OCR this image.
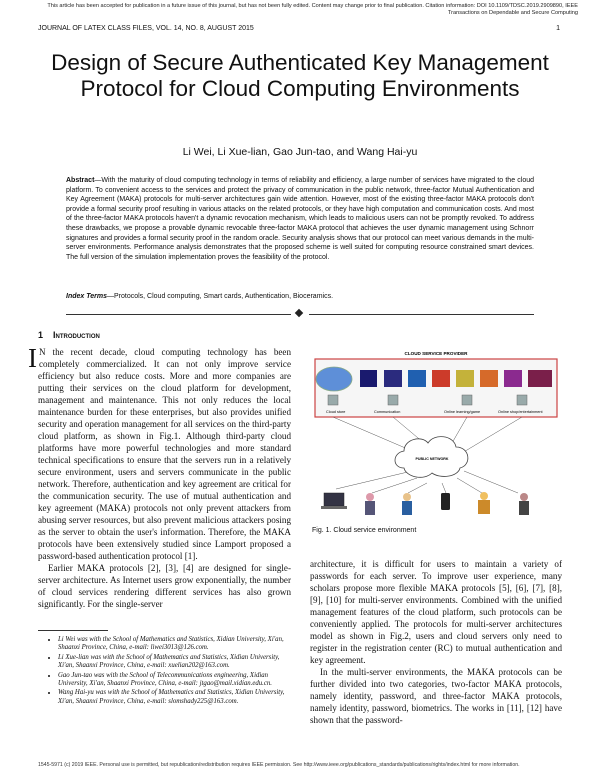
This article has been accepted for publication in a future issue of this journal, but has not been fully edited. Content may change prior to final publication. Citation information: DOI 10.1109/TDSC.2019.2909890, IEEE Transactions on Dependable and Secure Computing
JOURNAL OF LATEX CLASS FILES, VOL. 14, NO. 8, AUGUST 2015	1
Design of Secure Authenticated Key Management Protocol for Cloud Computing Environments
Li Wei, Li Xue-lian, Gao Jun-tao, and Wang Hai-yu
Abstract—With the maturity of cloud computing technology in terms of reliability and efficiency, a large number of services have migrated to the cloud platform. To convenient access to the services and protect the privacy of communication in the public network, three-factor Mutual Authentication and Key Agreement (MAKA) protocols for multi-server architectures gain wide attention. However, most of the existing three-factor MAKA protocols don't provide a formal security proof resulting in various attacks on the related protocols, or they have high computation and communication costs. And most of the three-factor MAKA protocols haven't a dynamic revocation mechanism, which leads to malicious users can not be promptly revoked. To address these drawbacks, we propose a provable dynamic revocable three-factor MAKA protocol that achieves the user dynamic management using Schnorr signatures and provides a formal security proof in the random oracle. Security analysis shows that our protocol can meet various demands in the multi-server environments. Performance analysis demonstrates that the proposed scheme is well suited for computing resource constrained smart devices. The full version of the simulation implementation proves the feasibility of the protocol.
Index Terms—Protocols, Cloud computing, Smart cards, Authentication, Bioceramics.
1 Introduction

I N the recent decade, cloud computing technology has been completely commercialized. It can not only improve service efficiency but also reduce costs. More and more companies are putting their services on the cloud platform for development, management and maintenance. This not only reduces the local maintenance burden for these enterprises, but also provides unified security and operation management for all services on the third-party cloud platform, as shown in Fig.1. Although third-party cloud platforms have more powerful technologies and more standard technical specifications to ensure that the servers run in a relatively secure environment, users and servers communicate in the public network. Therefore, authentication and key agreement are critical for the communication security. The use of mutual authentication and key agreement (MAKA) protocols not only prevent attackers from abusing server resources, but also prevent malicious attackers posing as the server to obtain the user's information. Therefore, the MAKA protocols have been extensively studied since Lamport proposed a password-based authentication protocol [1].

Earlier MAKA protocols [2], [3], [4] are designed for single-server architecture. As Internet users grow exponentially, the number of cloud services rendering different services has also grown significantly. For the single-server

CLOUD SERVICE PROVIDER
Cloud store	Communication	Online learning/game	Online shop/entertainment
PUBLIC NETWORK
Fig. 1. Cloud service environment

architecture, it is difficult for users to maintain a variety of passwords for each server. To improve user experience, many scholars propose more flexible MAKA protocols [5], [6], [7], [8], [9], [10] for multi-server environments. Combined with the unified management features of the cloud platform, such protocols can be conveniently applied. The protocols for multi-server architectures model as shown in Fig.2, users and cloud servers only need to register in the registration center (RC) to mutual authentication and key agreement.

In the multi-server environments, the MAKA protocols can be further divided into two categories, two-factor MAKA protocols, namely identity, password, and three-factor MAKA protocols, namely identity, password, biometrics. The works in [11], [12] have shown that the password-

• Li Wei was with the School of Mathematics and Statistics, Xidian University, Xi'an, Shaanxi Province, China, e-mail: liwei3013@126.com.
• Li Xue-lian was with the School of Mathematics and Statistics, Xidian University, Xi'an, Shaanxi Province, China, e-mail: xuelian202@163.com.
• Gao Jun-tao was with the School of Telecommunications engineering, Xidian University, Xi'an, Shaanxi Province, China, e-mail: jtgao@mail.xidian.edu.cn.
• Wang Hai-yu was with the School of Mathematics and Statistics, Xidian University, Xi'an, Shaanxi Province, China, e-mail: slomshady225@163.com.
1545-5971 (c) 2019 IEEE. Personal use is permitted, but republication/redistribution requires IEEE permission. See http://www.ieee.org/publications_standards/publications/rights/index.html for more information.
